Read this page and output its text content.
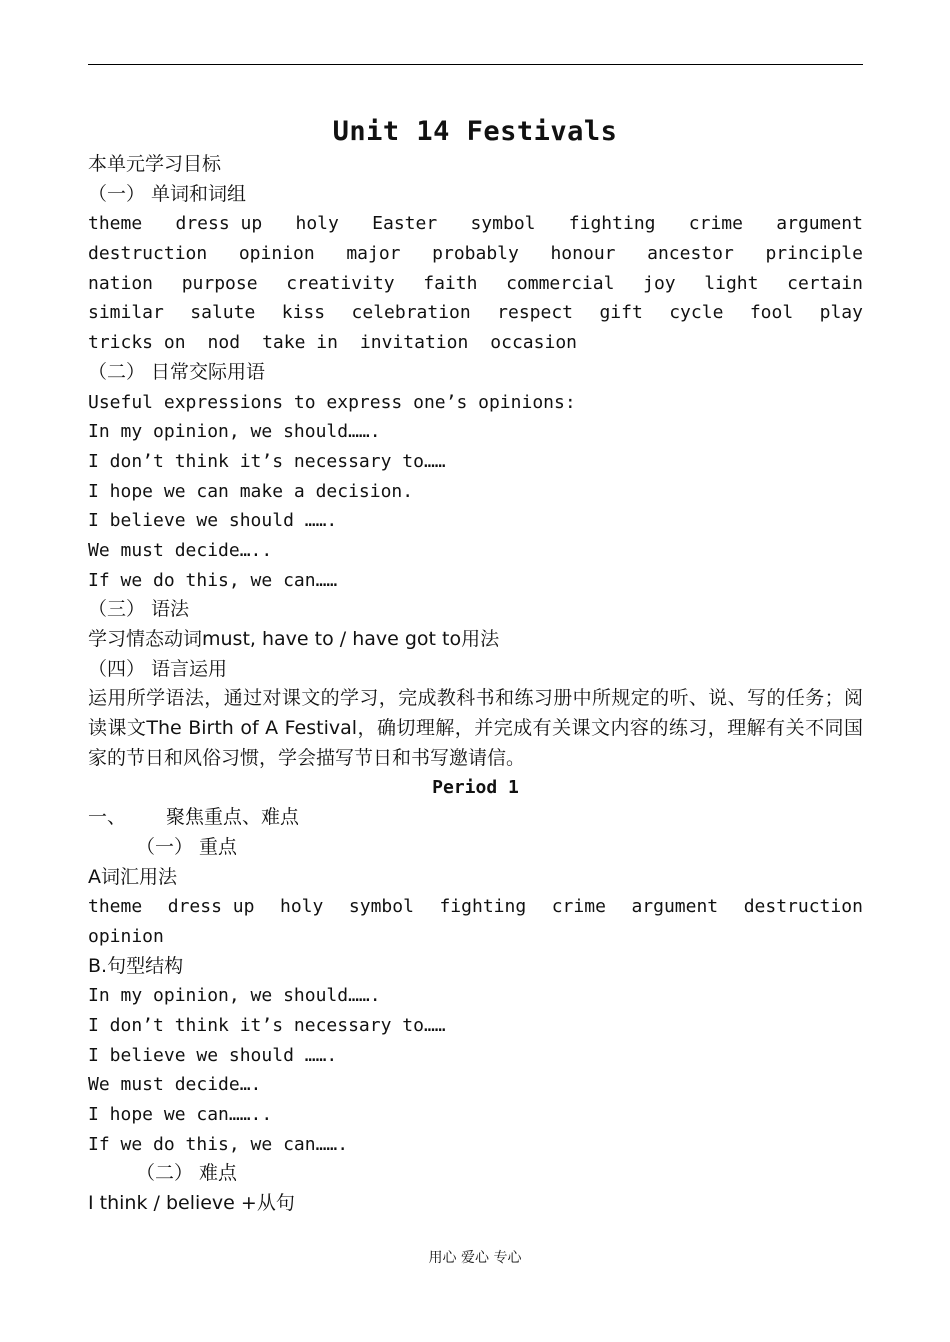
Unit 14 Festivals
本单元学习目标
（一） 单词和词组
theme dress up holy Easter symbol fighting crime argument
destruction opinion major probably honour ancestor principle
nation purpose creativity faith commercial joy light certain
similar salute kiss celebration respect gift cycle fool play
tricks on nod take in invitation occasion
（二） 日常交际用语
Useful expressions to express one’s opinions:
In my opinion, we should…….
I don’t think it’s necessary to……
I hope we can make a decision.
I believe we should …….
We must decide…..
If we do this, we can……
（三） 语法
学习情态动词must, have to / have got to用法
（四） 语言运用
运用所学语法，通过对课文的学习，完成教科书和练习册中所规定的听、说、写的任务；阅读课文The Birth of A Festival，确切理解，并完成有关课文内容的练习，理解有关不同国家的节日和风俗习惯，学会描写节日和书写邀请信。
Period 1
一、 聚焦重点、难点
（一） 重点
A词汇用法
theme dress up holy symbol fighting crime argument destruction
opinion
B.句型结构
In my opinion, we should…….
I don’t think it’s necessary to……
I believe we should …….
We must decide….
I hope we can……..
If we do this, we can…….
（二） 难点
I think / believe +从句
用心 爱心 专心
